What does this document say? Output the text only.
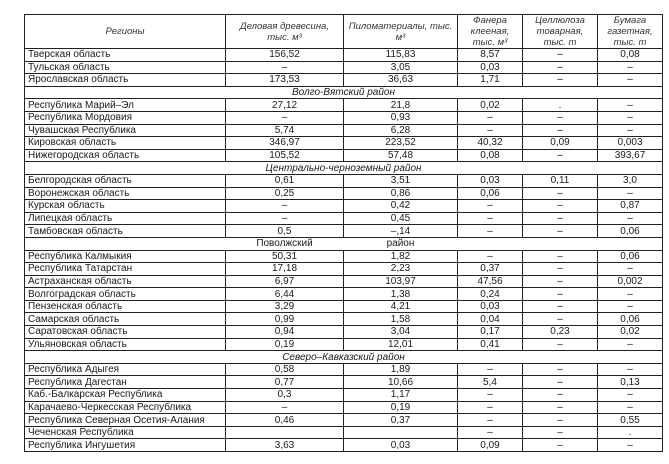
Регионы	Деловая древесина, тыс. м³	Пиломатериалы, тыс. м³	Фанера клееная, тыс. м³	Целлюлоза товарная, тыс. т	Бумага газетная, тыс. т
Тверская область	156,52	115,83	8,57	–	0,08
Тульская область	–	3,05	0,03	–	–
Ярославская область	173,53	36,63	1,71	–	–
Волго-Вятский район					
Республика Марий–Эл	27,12	21,8	0,02	.	–
Республика Мордовия	–	0,93	–	–	–
Чувашская Республика	5,74	6,28	–	–	–
Кировская область	346,97	223,52	40,32	0,09	0,003
Нижегородская область	105,52	57,48	0,08	–	393,67
Центрально-черноземный район					
Белгородская область	0,61	3,51	0,03	0,11	3,0
Воронежская область	0,25	0,86	0,06	–	–
Курская область	–	0,42	–	–	0,87
Липецкая область	–	0,45	–	–	–
Тамбовская область	0,5	–,14	–	–	0,06
	Поволжский	район			
Республика Калмыкия	50,31	1,82	–	–	0,06
Республика Татарстан	17,18	2,23	0,37	–	–
Астраханская область	6,97	103,97	47,56	–	0,002
Волгоградская область	6,44	1,38	0,24	–	–
Пензенская область	3,29	4,21	0,03	–	–
Самарская область	0,99	1,58	0,04	–	0,06
Саратовская область	0,94	3,04	0,17	0,23	0,02
Ульяновская область	0,19	12,01	0,41	–	–
Северо–Кавказский район					
Республика Адыгея	0,58	1,89	–	–	–
Республика Дагестан	0,77	10,66	5,4	–	0,13
Каб.-Балкарская Республика	0,3	1,17	–	–	–
Карачаево-Черкесская Республика	–	0,19	–	–	–
Республика Северная Осетия-Алания	0,46	0,37	–	–	0,55
Чеченская Республика			–	–	.
Республика Ингушетия	3,63	0,03	0,09	–	–
